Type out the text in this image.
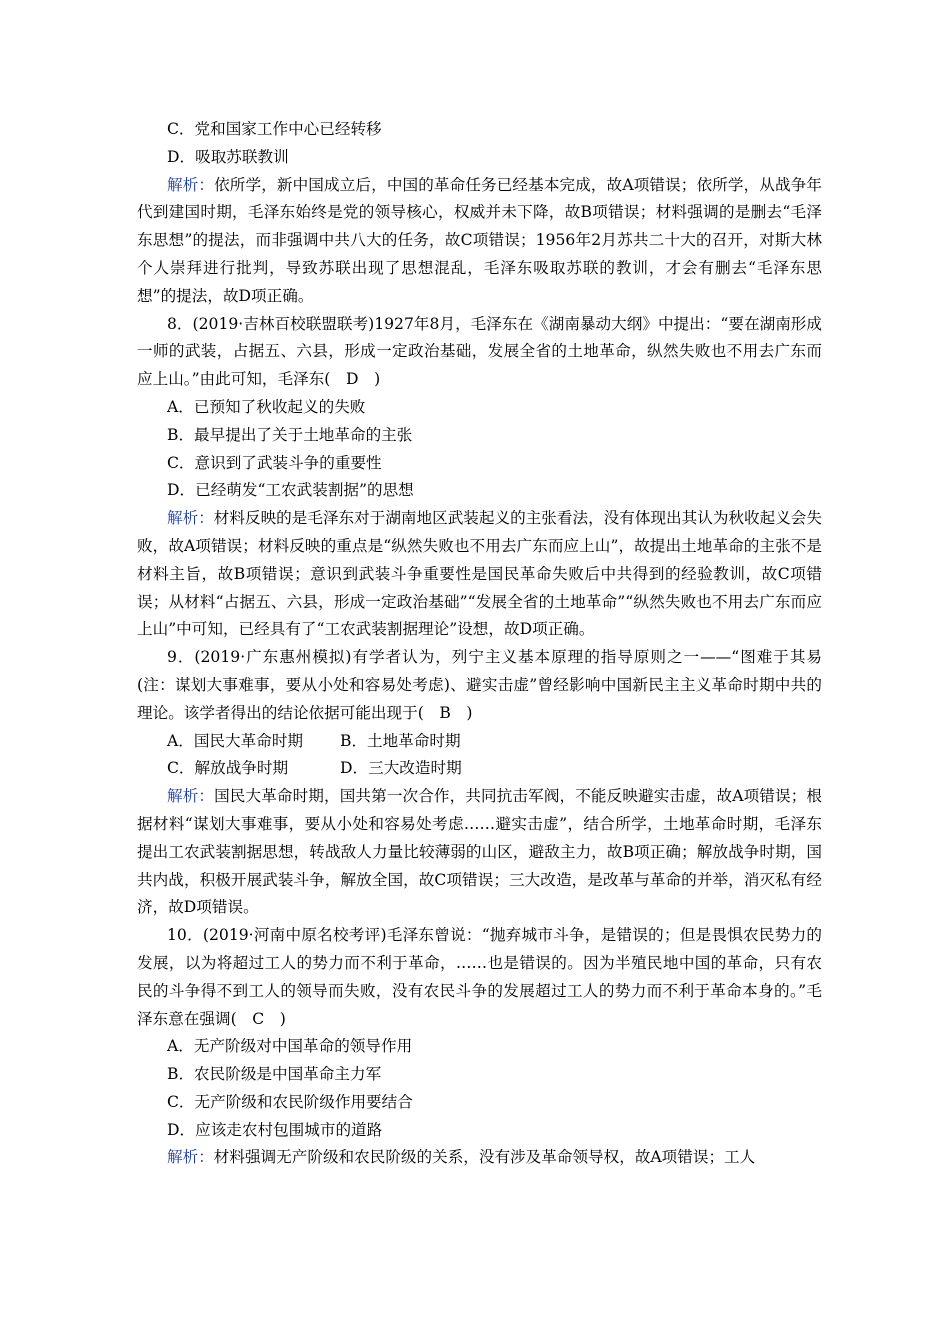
C．党和国家工作中心已经转移

D．吸取苏联教训

解析：依所学，新中国成立后，中国的革命任务已经基本完成，故A项错误；依所学，从战争年代到建国时期，毛泽东始终是党的领导核心，权威并未下降，故B项错误；材料强调的是删去“毛泽东思想”的提法，而非强调中共八大的任务，故C项错误；1956年2月苏共二十大的召开，对斯大林个人崇拜进行批判，导致苏联出现了思想混乱，毛泽东吸取苏联的教训，才会有删去“毛泽东思想”的提法，故D项正确。

8．(2019·吉林百校联盟联考)1927年8月，毛泽东在《湖南暴动大纲》中提出：“要在湖南形成一师的武装，占据五、六县，形成一定政治基础，发展全省的土地革命，纵然失败也不用去广东而应上山。”由此可知，毛泽东(　D　)

A．已预知了秋收起义的失败

B．最早提出了关于土地革命的主张

C．意识到了武装斗争的重要性

D．已经萌发“工农武装割据”的思想

解析：材料反映的是毛泽东对于湖南地区武装起义的主张看法，没有体现出其认为秋收起义会失败，故A项错误；材料反映的重点是“纵然失败也不用去广东而应上山”，故提出土地革命的主张不是材料主旨，故B项错误；意识到武装斗争重要性是国民革命失败后中共得到的经验教训，故C项错误；从材料“占据五、六县，形成一定政治基础”“发展全省的土地革命”“纵然失败也不用去广东而应上山”中可知，已经具有了“工农武装割据理论”设想，故D项正确。

9．(2019·广东惠州模拟)有学者认为，列宁主义基本原理的指导原则之一——“图难于其易(注：谋划大事难事，要从小处和容易处考虑)、避实击虚”曾经影响中国新民主主义革命时期中共的理论。该学者得出的结论依据可能出现于(　B　)

A．国民大革命时期	B．土地革命时期
C．解放战争时期	D．三大改造时期

解析：国民大革命时期，国共第一次合作，共同抗击军阀，不能反映避实击虚，故A项错误；根据材料“谋划大事难事，要从小处和容易处考虑……避实击虚”，结合所学，土地革命时期，毛泽东提出工农武装割据思想，转战敌人力量比较薄弱的山区，避敌主力，故B项正确；解放战争时期，国共内战，积极开展武装斗争，解放全国，故C项错误；三大改造，是改革与革命的并举，消灭私有经济，故D项错误。

10．(2019·河南中原名校考评)毛泽东曾说：“抛弃城市斗争，是错误的；但是畏惧农民势力的发展，以为将超过工人的势力而不利于革命，……也是错误的。因为半殖民地中国的革命，只有农民的斗争得不到工人的领导而失败，没有农民斗争的发展超过工人的势力而不利于革命本身的。”毛泽东意在强调(　C　)

A．无产阶级对中国革命的领导作用

B．农民阶级是中国革命主力军

C．无产阶级和农民阶级作用要结合

D．应该走农村包围城市的道路

解析：材料强调无产阶级和农民阶级的关系，没有涉及革命领导权，故A项错误；工人
